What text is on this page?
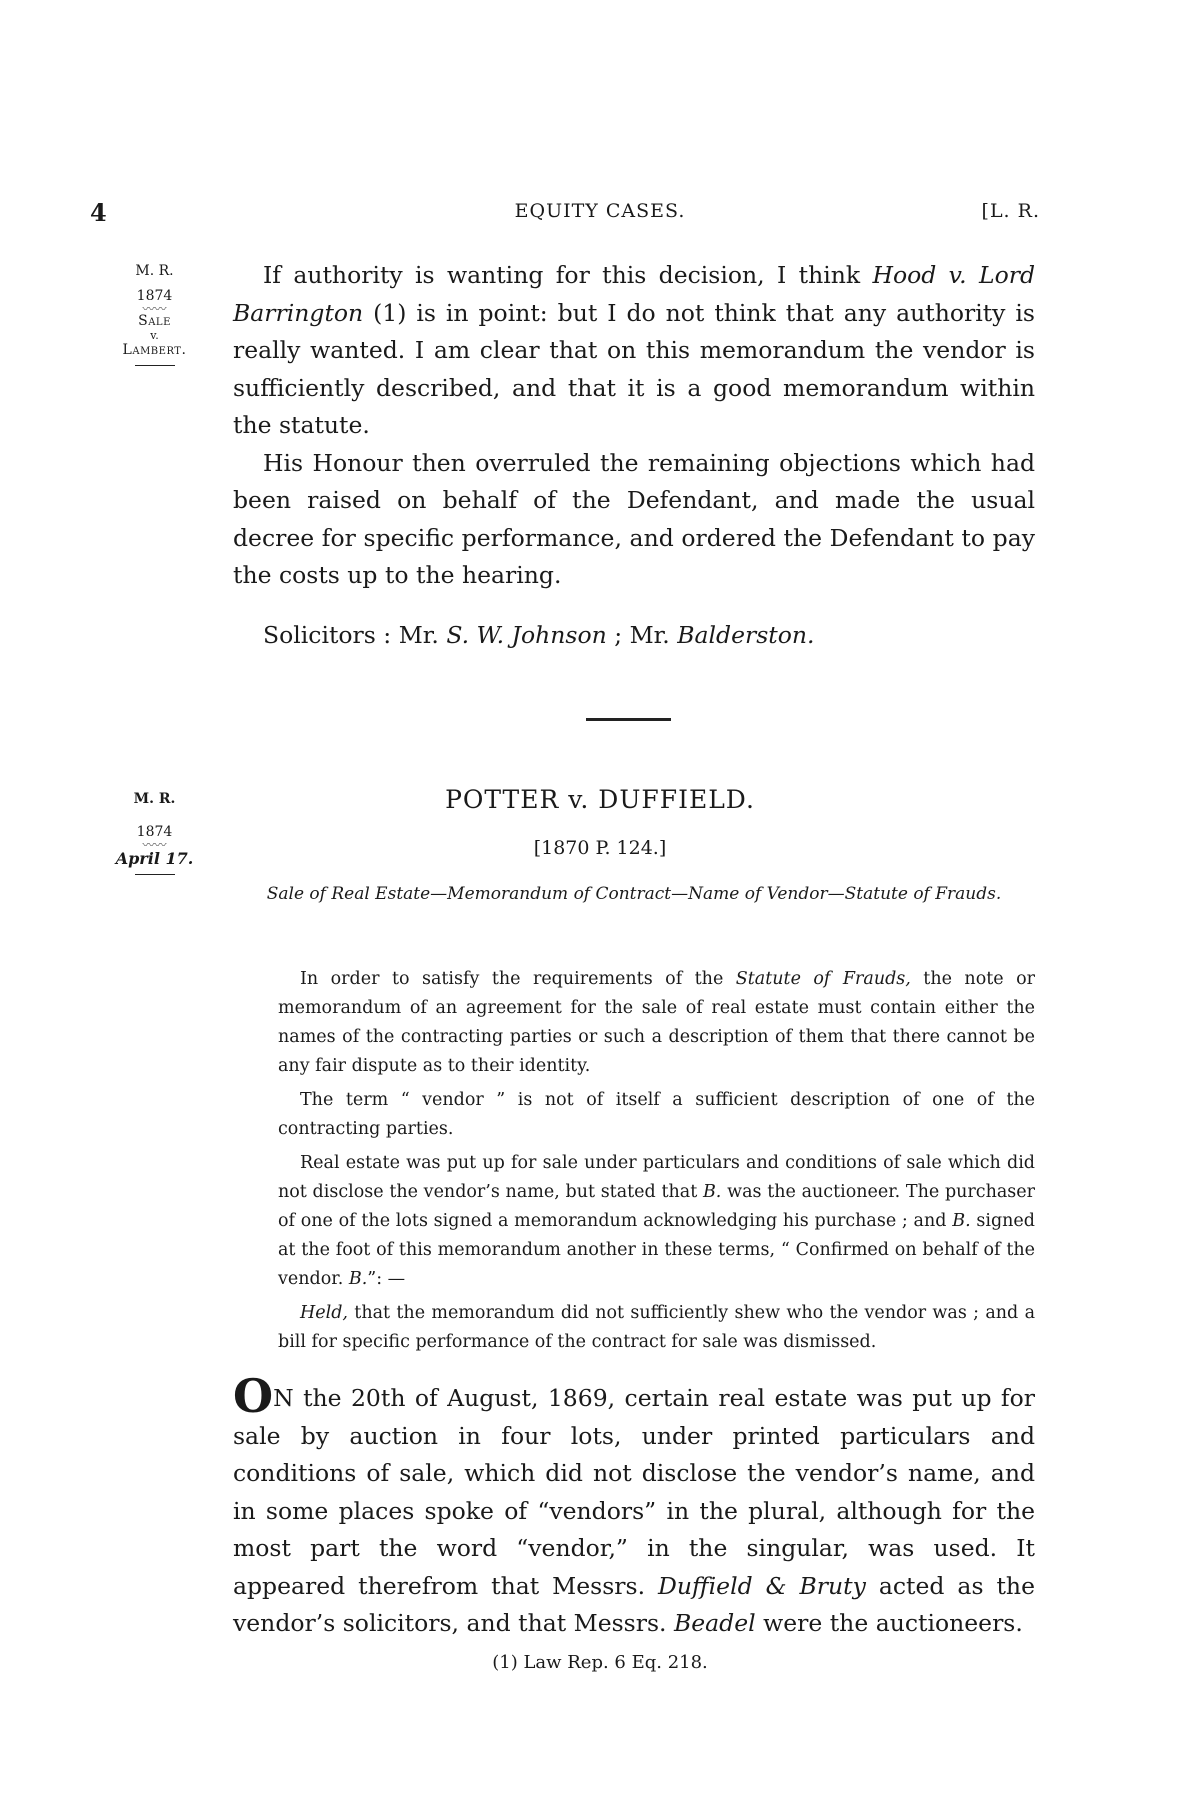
4	EQUITY CASES.	[L. R.
M. R.
1874
〰〰
Sale
v.
Lambert.

If authority is wanting for this decision, I think Hood v. Lord Barrington (1) is in point: but I do not think that any authority is really wanted. I am clear that on this memorandum the vendor is sufficiently described, and that it is a good memorandum within the statute.

His Honour then overruled the remaining objections which had been raised on behalf of the Defendant, and made the usual decree for specific performance, and ordered the Defendant to pay the costs up to the hearing.

Solicitors : Mr. S. W. Johnson ; Mr. Balderston.

M. R.
1874
〰〰
April 17.
POTTER v. DUFFIELD.
[1870 P. 124.]
Sale of Real Estate—Memorandum of Contract—Name of Vendor—Statute of Frauds.

In order to satisfy the requirements of the Statute of Frauds, the note or memorandum of an agreement for the sale of real estate must contain either the names of the contracting parties or such a description of them that there cannot be any fair dispute as to their identity.

The term “ vendor ” is not of itself a sufficient description of one of the contracting parties.

Real estate was put up for sale under particulars and conditions of sale which did not disclose the vendor’s name, but stated that B. was the auctioneer. The purchaser of one of the lots signed a memorandum acknowledging his purchase ; and B. signed at the foot of this memorandum another in these terms, “ Confirmed on behalf of the vendor. B.”: —

Held, that the memorandum did not sufficiently shew who the vendor was ; and a bill for specific performance of the contract for sale was dismissed.

ON the 20th of August, 1869, certain real estate was put up for sale by auction in four lots, under printed particulars and conditions of sale, which did not disclose the vendor’s name, and in some places spoke of “vendors” in the plural, although for the most part the word “vendor,” in the singular, was used. It appeared therefrom that Messrs. Duffield & Bruty acted as the vendor’s solicitors, and that Messrs. Beadel were the auctioneers.

(1) Law Rep. 6 Eq. 218.
